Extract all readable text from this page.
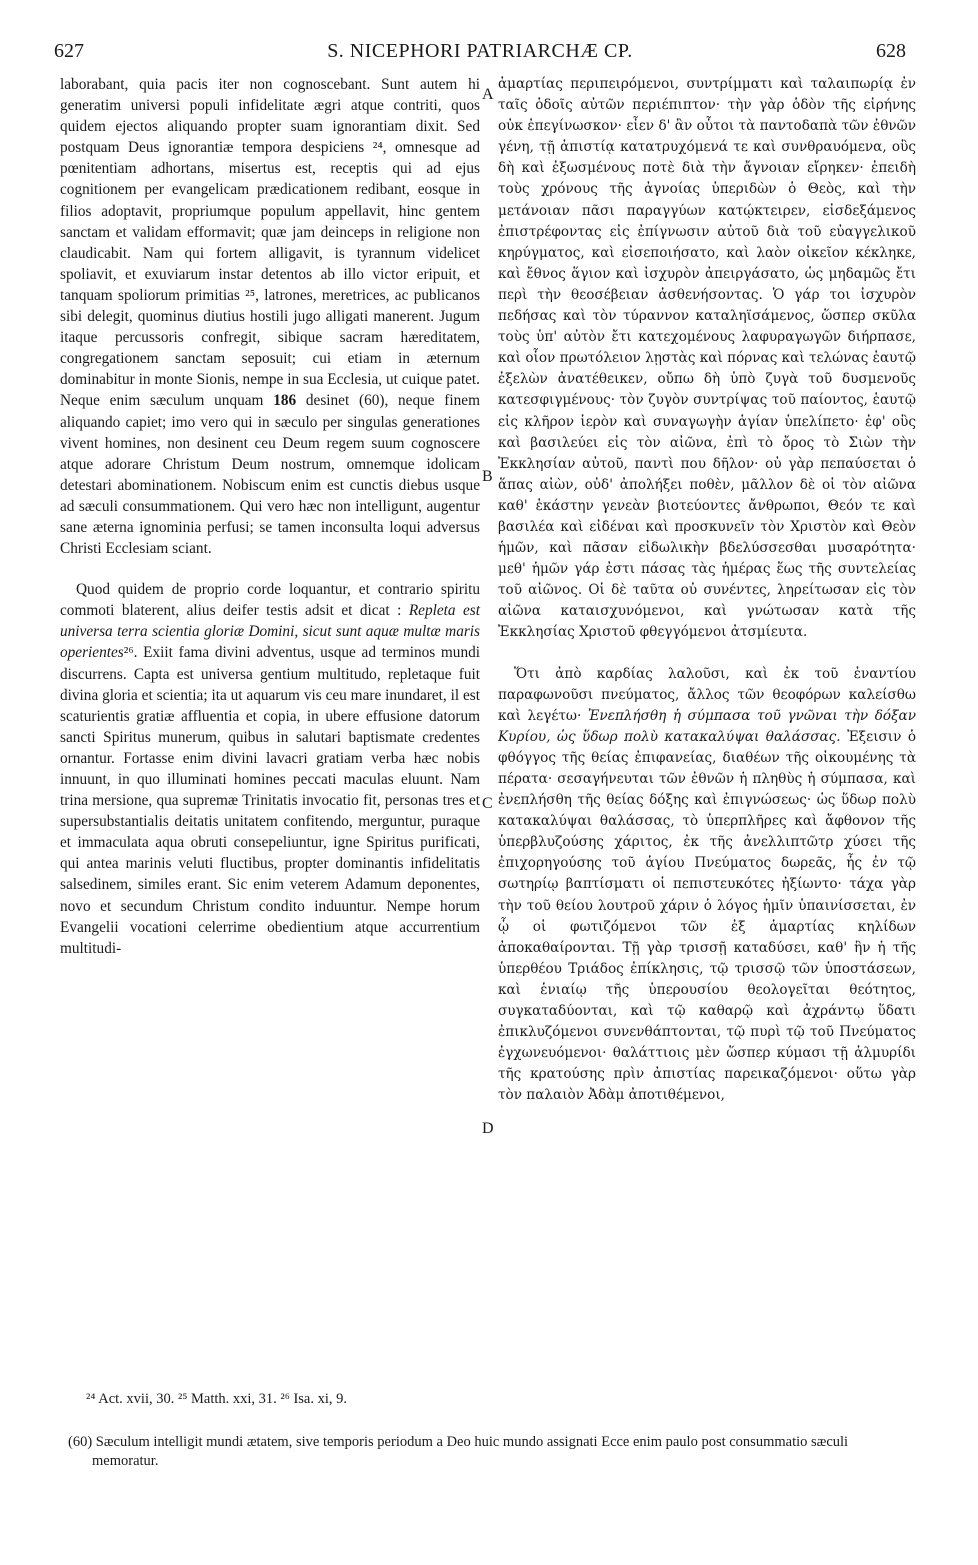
627	S. NICEPHORI PATRIARCHÆ CP.	628

laborabant, quia pacis iter non cognoscebant. Sunt autem hi generatim universi populi infidelitate ægri atque contriti, quos quidem ejectos aliquando propter suam ignorantiam dixit. Sed postquam Deus ignorantiæ tempora despiciens ²⁴, omnesque ad pœnitentiam adhortans, misertus est, receptis qui ad ejus cognitionem per evangelicam prædicationem redibant, eosque in filios adoptavit, propriumque populum appellavit, hinc gentem sanctam et validam efformavit; quæ jam deinceps in religione non claudicabit. Nam qui fortem alligavit, is tyrannum videlicet spoliavit, et exuviarum instar detentos ab illo victor eripuit, et tanquam spoliorum primitias ²⁵, latrones, meretrices, ac publicanos sibi delegit, quominus diutius hostili jugo alligati manerent. Jugum itaque percussoris confregit, sibique sacram hæreditatem, congregationem sanctam seposuit; cui etiam in æternum dominabitur in monte Sionis, nempe in sua Ecclesia, ut cuique patet. Neque enim sæculum unquam 186 desinet (60), neque finem aliquando capiet; imo vero qui in sæculo per singulas generationes vivent homines, non desinent ceu Deum regem suum cognoscere atque adorare Christum Deum nostrum, omnemque idolicam detestari abominationem. Nobiscum enim est cunctis diebus usque ad sæculi consummationem. Qui vero hæc non intelligunt, augentur sane æterna ignominia perfusi; se tamen inconsulta loqui adversus Christi Ecclesiam sciant.

Quod quidem de proprio corde loquantur, et contrario spiritu commoti blaterent, alius deifer testis adsit et dicat : Repleta est universa terra scientia gloriæ Domini, sicut sunt aquæ multæ maris operientes²⁶. Exiit fama divini adventus, usque ad terminos mundi discurrens. Capta est universa gentium multitudo, repletaque fuit divina gloria et scientia; ita ut aquarum vis ceu mare inundaret, il est scaturientis gratiæ affluentia et copia, in ubere effusione datorum sancti Spiritus munerum, quibus in salutari baptismate credentes ornantur. Fortasse enim divini lavacri gratiam verba hæc nobis innuunt, in quo illuminati homines peccati maculas eluunt. Nam trina mersione, qua supremæ Trinitatis invocatio fit, personas tres et supersubstantialis deitatis unitatem confitendo, merguntur, puraque et immaculata aqua obruti consepeliuntur, igne Spiritus purificati, qui antea marinis veluti fluctibus, propter dominantis infidelitatis salsedinem, similes erant. Sic enim veterem Adamum deponentes, novo et secundum Christum condito induuntur. Nempe horum Evangelii vocationi celerrime obedientium atque accurrentium multitudi-

A
B
C
D

ἁμαρτίας περιπειρόμενοι, συντρίμματι καὶ ταλαιπωρίᾳ ἐν ταῖς ὁδοῖς αὐτῶν περιέπιπτον· τὴν γὰρ ὁδὸν τῆς εἰρήνης οὐκ ἐπεγίνωσκον· εἶεν δ' ἂν οὗτοι τὰ παντοδαπὰ τῶν ἐθνῶν γένη, τῇ ἀπιστίᾳ κατατρυχόμενά τε καὶ συνθραυόμενα, οὓς δὴ καὶ ἐξωσμένους ποτὲ διὰ τὴν ἄγνοιαν εἴρηκεν· ἐπειδὴ τοὺς χρόνους τῆς ἀγνοίας ὑπεριδὼν ὁ Θεὸς, καὶ τὴν μετάνοιαν πᾶσι παραγγύων κατῴκτειρεν, εἰσδεξάμενος ἐπιστρέφοντας εἰς ἐπίγνωσιν αὐτοῦ διὰ τοῦ εὐαγγελικοῦ κηρύγματος, καὶ εἰσεποιήσατο, καὶ λαὸν οἰκεῖον κέκληκε, καὶ ἔθνος ἅγιον καὶ ἰσχυρὸν ἀπειργάσατο, ὡς μηδαμῶς ἔτι περὶ τὴν θεοσέβειαν ἀσθενήσοντας. Ὁ γάρ τοι ἰσχυρὸν πεδήσας καὶ τὸν τύραννον καταληϊσάμενος, ὥσπερ σκῦλα τοὺς ὑπ' αὐτὸν ἔτι κατεχομένους λαφυραγωγῶν διήρπασε, καὶ οἷον πρωτόλειον λῃστὰς καὶ πόρνας καὶ τελώνας ἑαυτῷ ἐξελὼν ἀνατέθεικεν, οὔπω δὴ ὑπὸ ζυγὰ τοῦ δυσμενοῦς κατεσφιγμένους· τὸν ζυγὸν συντρίψας τοῦ παίοντος, ἑαυτῷ εἰς κλῆρον ἱερὸν καὶ συναγωγὴν ἁγίαν ὑπελίπετο· ἐφ' οὓς καὶ βασιλεύει εἰς τὸν αἰῶνα, ἐπὶ τὸ ὄρος τὸ Σιὼν τὴν Ἐκκλησίαν αὐτοῦ, παντὶ που δῆλον· οὐ γὰρ πεπαύσεται ὁ ἅπας αἰὼν, οὐδ' ἀπολήξει ποθὲν, μᾶλλον δὲ οἱ τὸν αἰῶνα καθ' ἑκάστην γενεὰν βιοτεύοντες ἄνθρωποι, Θεόν τε καὶ βασιλέα καὶ εἰδέναι καὶ προσκυνεῖν τὸν Χριστὸν καὶ Θεὸν ἡμῶν, καὶ πᾶσαν εἰδωλικὴν βδελύσσεσθαι μυσαρότητα· μεθ' ἡμῶν γάρ ἐστι πάσας τὰς ἡμέρας ἕως τῆς συντελείας τοῦ αἰῶνος. Οἱ δὲ ταῦτα οὐ συνέντες, ληρείτωσαν εἰς τὸν αἰῶνα καταισχυνόμενοι, καὶ γνώτωσαν κατὰ τῆς Ἐκκλησίας Χριστοῦ φθεγγόμενοι ἀτσμίευτα.

Ὅτι ἀπὸ καρδίας λαλοῦσι, καὶ ἐκ τοῦ ἐναντίου παραφωνοῦσι πνεύματος, ἄλλος τῶν θεοφόρων καλείσθω καὶ λεγέτω· Ἐνεπλήσθη ἡ σύμπασα τοῦ γνῶναι τὴν δόξαν Κυρίου, ὡς ὕδωρ πολὺ κατακαλύψαι θαλάσσας. Ἐξεισιν ὁ φθόγγος τῆς θείας ἐπιφανείας, διαθέων τῆς οἰκουμένης τὰ πέρατα· σεσαγήνευται τῶν ἐθνῶν ἡ πληθὺς ἡ σύμπασα, καὶ ἐνεπλήσθη τῆς θείας δόξης καὶ ἐπιγνώσεως· ὡς ὕδωρ πολὺ κατακαλύψαι θαλάσσας, τὸ ὑπερπλῆρες καὶ ἄφθονον τῆς ὑπερβλυζούσης χάριτος, ἐκ τῆς ἀνελλιπτῶτρ χύσει τῆς ἐπιχορηγούσης τοῦ ἁγίου Πνεύματος δωρεᾶς, ἧς ἐν τῷ σωτηρίῳ βαπτίσματι οἱ πεπιστευκότες ἠξίωντο· τάχα γὰρ τὴν τοῦ θείου λουτροῦ χάριν ὁ λόγος ἡμῖν ὑπαινίσσεται, ἐν ᾧ οἱ φωτιζόμενοι τῶν ἐξ ἁμαρτίας κηλίδων ἀποκαθαίρονται. Τῇ γὰρ τρισσῇ καταδύσει, καθ' ἣν ἡ τῆς ὑπερθέου Τριάδος ἐπίκλησις, τῷ τρισσῷ τῶν ὑποστάσεων, καὶ ἑνιαίῳ τῆς ὑπερουσίου θεολογεῖται θεότητος, συγκαταδύονται, καὶ τῷ καθαρῷ καὶ ἀχράντῳ ὕδατι ἐπικλυζόμενοι συνενθάπτονται, τῷ πυρὶ τῷ τοῦ Πνεύματος ἐγχωνευόμενοι· θαλάττιοις μὲν ὥσπερ κύμασι τῇ ἁλμυρίδι τῆς κρατούσης πρὶν ἀπιστίας παρεικαζόμενοι· οὕτω γὰρ τὸν παλαιὸν Ἀδὰμ ἀποτιθέμενοι,

²⁴ Act. xvii, 30. ²⁵ Matth. xxi, 31. ²⁶ Isa. xi, 9.
(60) Sæculum intelligit mundi ætatem, sive temporis periodum a Deo huic mundo assignati Ecce enim paulo post consummatio sæculi memoratur.
